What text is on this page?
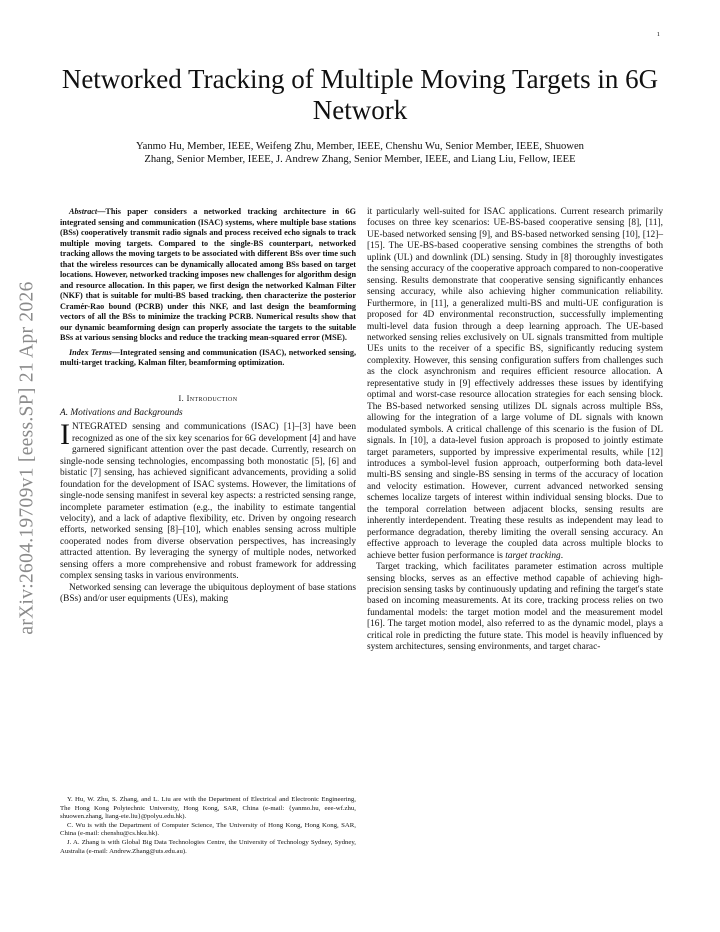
1
arXiv:2604.19709v1 [eess.SP] 21 Apr 2026
Networked Tracking of Multiple Moving Targets in 6G Network
Yanmo Hu, Member, IEEE, Weifeng Zhu, Member, IEEE, Chenshu Wu, Senior Member, IEEE, Shuowen
Zhang, Senior Member, IEEE, J. Andrew Zhang, Senior Member, IEEE, and Liang Liu, Fellow, IEEE

Abstract—This paper considers a networked tracking architecture in 6G integrated sensing and communication (ISAC) systems, where multiple base stations (BSs) cooperatively transmit radio signals and process received echo signals to track multiple moving targets. Compared to the single-BS counterpart, networked tracking allows the moving targets to be associated with different BSs over time such that the wireless resources can be dynamically allocated among BSs based on target locations. However, networked tracking imposes new challenges for algorithm design and resource allocation. In this paper, we first design the networked Kalman Filter (NKF) that is suitable for multi-BS based tracking, then characterize the posterior Cramér-Rao bound (PCRB) under this NKF, and last design the beamforming vectors of all the BSs to minimize the tracking PCRB. Numerical results show that our dynamic beamforming design can properly associate the targets to the suitable BSs at various sensing blocks and reduce the tracking mean-squared error (MSE).

Index Terms—Integrated sensing and communication (ISAC), networked sensing, multi-target tracking, Kalman filter, beamforming optimization.

I. Introduction
A. Motivations and Backgrounds

INTEGRATED sensing and communications (ISAC) [1]–[3] have been recognized as one of the six key scenarios for 6G development [4] and have garnered significant attention over the past decade. Currently, research on single-node sensing technologies, encompassing both monostatic [5], [6] and bistatic [7] sensing, has achieved significant advancements, providing a solid foundation for the development of ISAC systems. However, the limitations of single-node sensing manifest in several key aspects: a restricted sensing range, incomplete parameter estimation (e.g., the inability to estimate tangential velocity), and a lack of adaptive flexibility, etc. Driven by ongoing research efforts, networked sensing [8]–[10], which enables sensing across multiple cooperated nodes from diverse observation perspectives, has increasingly attracted attention. By leveraging the synergy of multiple nodes, networked sensing offers a more comprehensive and robust framework for addressing complex sensing tasks in various environments.

Networked sensing can leverage the ubiquitous deployment of base stations (BSs) and/or user equipments (UEs), making

Y. Hu, W. Zhu, S. Zhang, and L. Liu are with the Department of Electrical and Electronic Engineering, The Hong Kong Polytechnic University, Hong Kong, SAR, China (e-mail: {yanmo.hu, eee-wf.zhu, shuowen.zhang, liang-eie.liu}@polyu.edu.hk).

C. Wu is with the Department of Computer Science, The University of Hong Kong, Hong Kong, SAR, China (e-mail: chenshu@cs.hku.hk).

J. A. Zhang is with Global Big Data Technologies Centre, the University of Technology Sydney, Sydney, Australia (e-mail: Andrew.Zhang@uts.edu.au).

it particularly well-suited for ISAC applications. Current research primarily focuses on three key scenarios: UE-BS-based cooperative sensing [8], [11], UE-based networked sensing [9], and BS-based networked sensing [10], [12]–[15]. The UE-BS-based cooperative sensing combines the strengths of both uplink (UL) and downlink (DL) sensing. Study in [8] thoroughly investigates the sensing accuracy of the cooperative approach compared to non-cooperative sensing. Results demonstrate that cooperative sensing significantly enhances sensing accuracy, while also achieving higher communication reliability. Furthermore, in [11], a generalized multi-BS and multi-UE configuration is proposed for 4D environmental reconstruction, successfully implementing multi-level data fusion through a deep learning approach. The UE-based networked sensing relies exclusively on UL signals transmitted from multiple UEs units to the receiver of a specific BS, significantly reducing system complexity. However, this sensing configuration suffers from challenges such as the clock asynchronism and requires efficient resource allocation. A representative study in [9] effectively addresses these issues by identifying optimal and worst-case resource allocation strategies for each sensing block. The BS-based networked sensing utilizes DL signals across multiple BSs, allowing for the integration of a large volume of DL signals with known modulated symbols. A critical challenge of this scenario is the fusion of DL signals. In [10], a data-level fusion approach is proposed to jointly estimate target parameters, supported by impressive experimental results, while [12] introduces a symbol-level fusion approach, outperforming both data-level multi-BS sensing and single-BS sensing in terms of the accuracy of location and velocity estimation. However, current advanced networked sensing schemes localize targets of interest within individual sensing blocks. Due to the temporal correlation between adjacent blocks, sensing results are inherently interdependent. Treating these results as independent may lead to performance degradation, thereby limiting the overall sensing accuracy. An effective approach to leverage the coupled data across multiple blocks to achieve better fusion performance is target tracking.

Target tracking, which facilitates parameter estimation across multiple sensing blocks, serves as an effective method capable of achieving high-precision sensing tasks by continuously updating and refining the target's state based on incoming measurements. At its core, tracking process relies on two fundamental models: the target motion model and the measurement model [16]. The target motion model, also referred to as the dynamic model, plays a critical role in predicting the future state. This model is heavily influenced by system architectures, sensing environments, and target charac-
